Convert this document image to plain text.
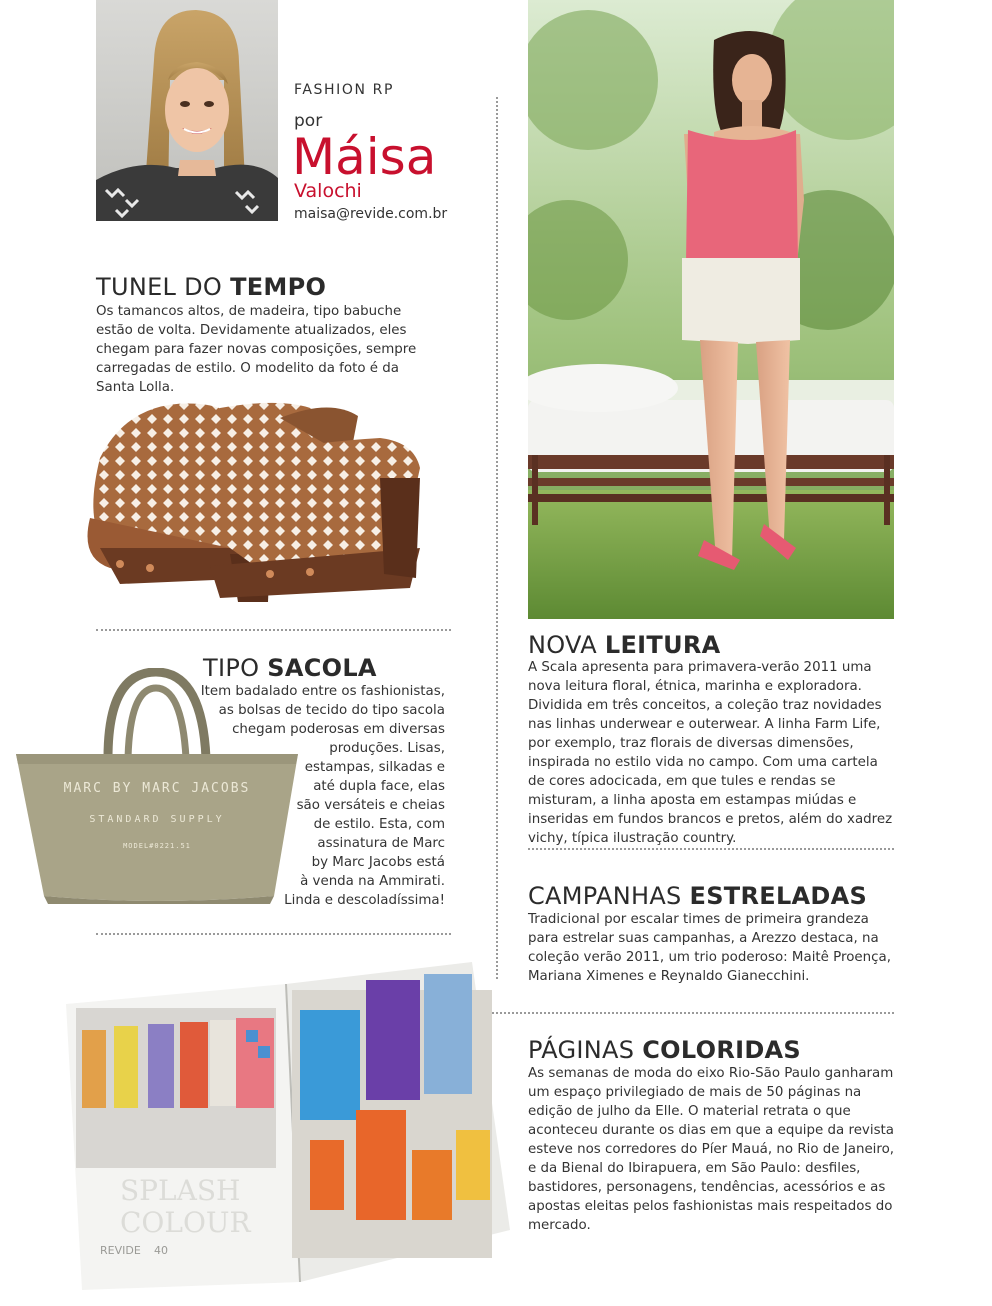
FASHION RP
por
Máisa
Valochi
maisa@revide.com.br
TUNEL DO TEMPO
Os tamancos altos, de madeira, tipo babuche estão de volta. Devidamente atualizados, eles chegam para fazer novas composições, sempre carregadas de estilo. O modelito da foto é da Santa Lolla.
TIPO SACOLA
Item badalado entre os fashionistas,
as bolsas de tecido do tipo sacola
chegam poderosas em diversas
produções. Lisas,
estampas, silkadas e
até dupla face, elas
são versáteis e cheias
de estilo. Esta, com
assinatura de Marc
by Marc Jacobs está
à venda na Ammirati.
Linda e descoladíssima!
MARC BY MARC JACOBS
STANDARD SUPPLY
MODEL#0221.51
NOVA LEITURA
A Scala apresenta para primavera-verão 2011 uma nova leitura floral, étnica, marinha e exploradora. Dividida em três conceitos, a coleção traz novidades nas linhas underwear e outerwear. A linha Farm Life, por exemplo, traz florais de diversas dimensões, inspirada no estilo vida no campo. Com uma cartela de cores adocicada, em que tules e rendas se misturam, a linha aposta em estampas miúdas e inseridas em fundos brancos e pretos, além do xadrez vichy, típica ilustração country.
CAMPANHAS ESTRELADAS
Tradicional por escalar times de primeira grandeza para estrelar suas campanhas, a Arezzo destaca, na coleção verão 2011, um trio poderoso: Maitê Proença, Mariana Ximenes e Reynaldo Gianecchini.
PÁGINAS COLORIDAS
As semanas de moda do eixo Rio-São Paulo ganharam um espaço privilegiado de mais de 50 páginas na edição de julho da Elle. O material retrata o que aconteceu durante os dias em que a equipe da revista esteve nos corredores do Píer Mauá, no Rio de Janeiro, e da Bienal do Ibirapuera, em São Paulo: desfiles, bastidores, personagens, tendências, acessórios e as apostas eleitas pelos fashionistas mais respeitados do mercado.
SPLASH
COLOUR
REVIDE 40
